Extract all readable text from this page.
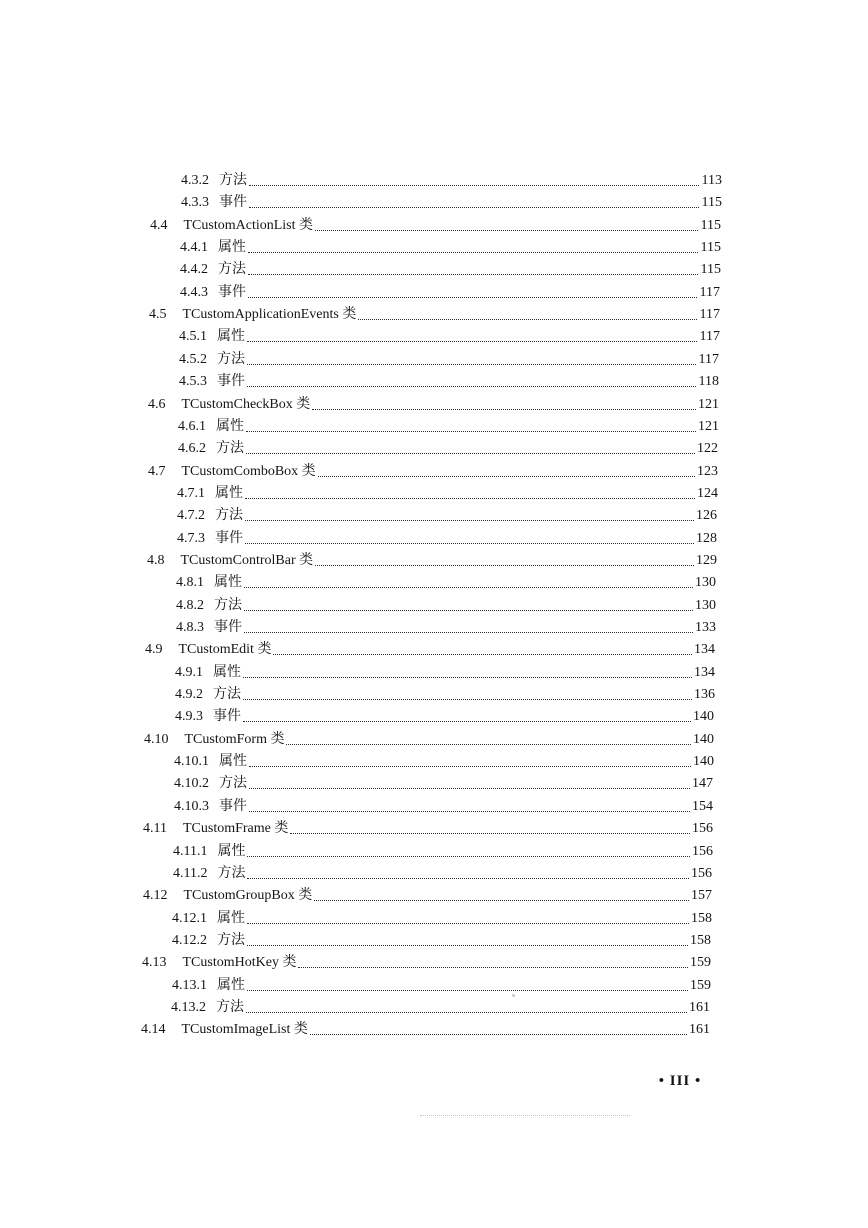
4.3.2 方法	113
4.3.3 事件	115
4.4 TCustomActionList 类	115
4.4.1 属性	115
4.4.2 方法	115
4.4.3 事件	117
4.5 TCustomApplicationEvents 类	117
4.5.1 属性	117
4.5.2 方法	117
4.5.3 事件	118
4.6 TCustomCheckBox 类	121
4.6.1 属性	121
4.6.2 方法	122
4.7 TCustomComboBox 类	123
4.7.1 属性	124
4.7.2 方法	126
4.7.3 事件	128
4.8 TCustomControlBar 类	129
4.8.1 属性	130
4.8.2 方法	130
4.8.3 事件	133
4.9 TCustomEdit 类	134
4.9.1 属性	134
4.9.2 方法	136
4.9.3 事件	140
4.10 TCustomForm 类	140
4.10.1 属性	140
4.10.2 方法	147
4.10.3 事件	154
4.11 TCustomFrame 类	156
4.11.1 属性	156
4.11.2 方法	156
4.12 TCustomGroupBox 类	157
4.12.1 属性	158
4.12.2 方法	158
4.13 TCustomHotKey 类	159
4.13.1 属性	159
4.13.2 方法	161
4.14 TCustomImageList 类	161
• III •
